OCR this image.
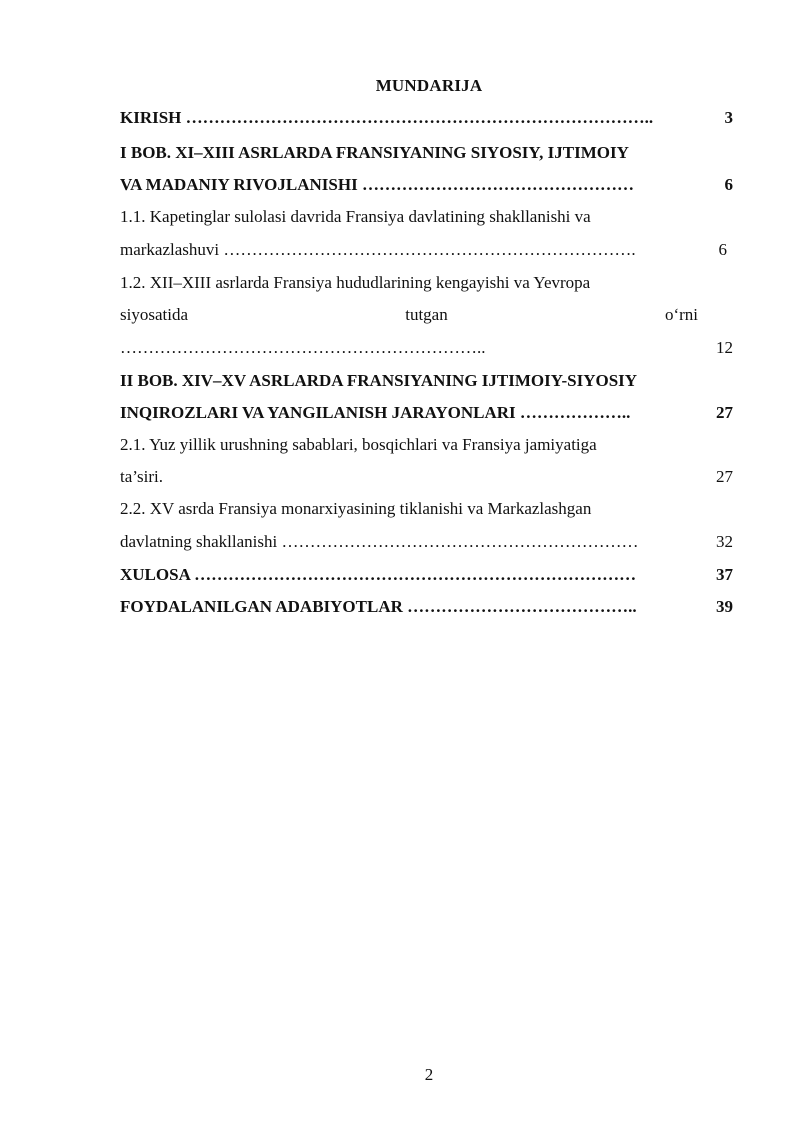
MUNDARIJA
KIRISH ………………………………………………………………………..	3
I BOB. XI–XIII ASRLARDA FRANSIYANING SIYOSIY, IJTIMOIY
VA MADANIY RIVOJLANISHI …………………………………………	6
1.1. Kapetinglar sulolasi davrida Fransiya davlatining shakllanishi va
markazlashuvi ……………………………………………………………….	6
1.2. XII–XIII asrlarda Fransiya hududlarining kengayishi va Yevropa
siyosatida	tutgan	o‘rni
………………………………………………………..	12
II BOB. XIV–XV ASRLARDA FRANSIYANING IJTIMOIY-SIYOSIY
INQIROZLARI VA YANGILANISH JARAYONLARI ………………..	27
2.1. Yuz yillik urushning sabablari, bosqichlari va Fransiya jamiyatiga
ta’siri.	27
2.2. XV asrda Fransiya monarxiyasining tiklanishi va Markazlashgan
davlatning shakllanishi ………………………………………………………	32
XULOSA ……………………………………………………………………	37
FOYDALANILGAN ADABIYOTLAR …………………………………..	39
2
